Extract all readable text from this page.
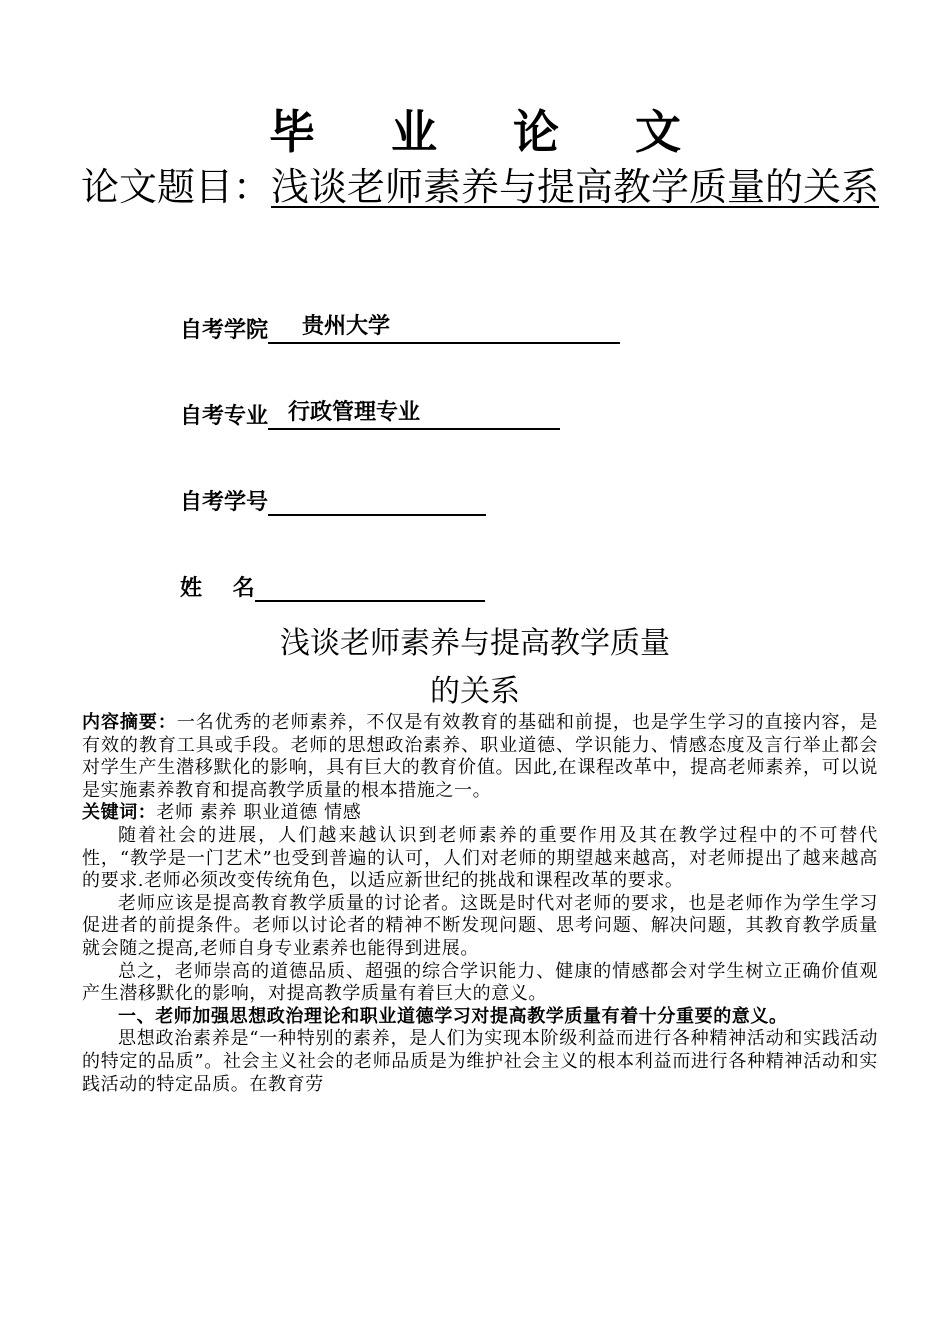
毕 业 论 文
论文题目：浅谈老师素养与提高教学质量的关系
自考学院	贵州大学
自考专业 行政管理专业
自考学号
姓    名
浅谈老师素养与提高教学质量
的关系

内容摘要：一名优秀的老师素养，不仅是有效教育的基础和前提，也是学生学习的直接内容，是有效的教育工具或手段。老师的思想政治素养、职业道德、学识能力、情感态度及言行举止都会对学生产生潜移默化的影响，具有巨大的教育价值。因此,在课程改革中，提高老师素养，可以说是实施素养教育和提高教学质量的根本措施之一。

关键词：老师 素养 职业道德 情感

随着社会的进展，人们越来越认识到老师素养的重要作用及其在教学过程中的不可替代性，“教学是一门艺术”也受到普遍的认可，人们对老师的期望越来越高，对老师提出了越来越高的要求.老师必须改变传统角色，以适应新世纪的挑战和课程改革的要求。

老师应该是提高教育教学质量的讨论者。这既是时代对老师的要求，也是老师作为学生学习促进者的前提条件。老师以讨论者的精神不断发现问题、思考问题、解决问题，其教育教学质量就会随之提高,老师自身专业素养也能得到进展。

总之，老师崇高的道德品质、超强的综合学识能力、健康的情感都会对学生树立正确价值观产生潜移默化的影响，对提高教学质量有着巨大的意义。

一、老师加强思想政治理论和职业道德学习对提高教学质量有着十分重要的意义。

思想政治素养是“一种特别的素养，是人们为实现本阶级利益而进行各种精神活动和实践活动的特定的品质”。社会主义社会的老师品质是为维护社会主义的根本利益而进行各种精神活动和实践活动的特定品质。在教育劳
